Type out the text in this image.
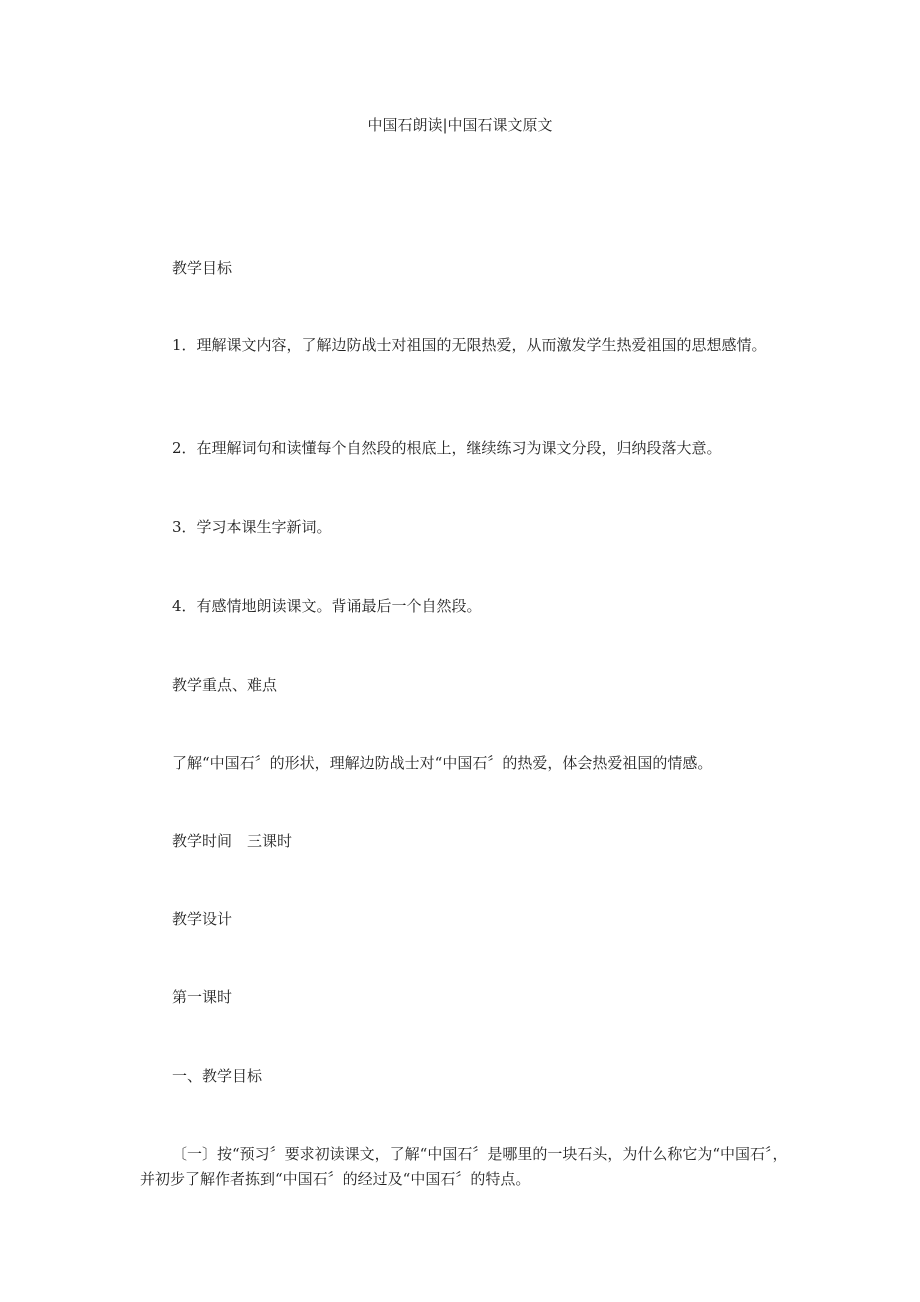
中国石朗读|中国石课文原文

教学目标

1．理解课文内容，了解边防战士对祖国的无限热爱，从而激发学生热爱祖国的思想感情。

2．在理解词句和读懂每个自然段的根底上，继续练习为课文分段，归纳段落大意。

3．学习本课生字新词。

4．有感情地朗读课文。背诵最后一个自然段。

教学重点、难点

了解“中国石〞的形状，理解边防战士对“中国石〞的热爱，体会热爱祖国的情感。

教学时间　三课时

教学设计

第一课时

一、教学目标

〔一〕按“预习〞要求初读课文，了解“中国石〞是哪里的一块石头，为什么称它为“中国石〞，并初步了解作者拣到“中国石〞的经过及“中国石〞的特点。
